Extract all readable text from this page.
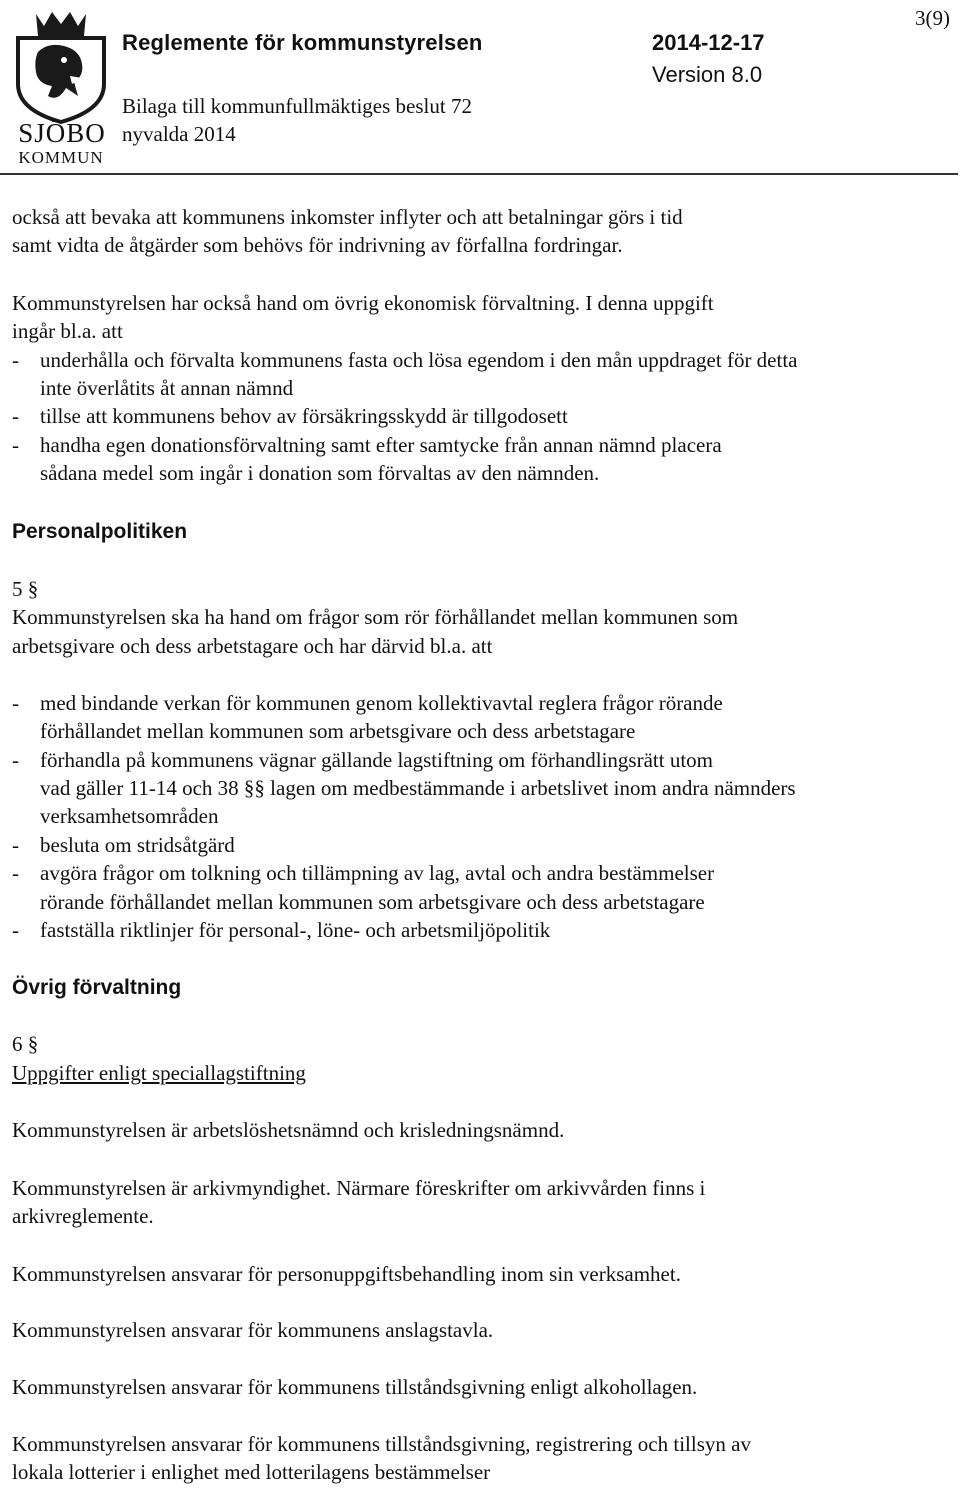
SJÖBO
KOMMUN
Reglemente för kommunstyrelsen	2014-12-17
3(9)
Version 8.0
Bilaga till kommunfullmäktiges beslut 72
nyvalda 2014
också att bevaka att kommunens inkomster inflyter och att betalningar görs i tid
samt vidta de åtgärder som behövs för indrivning av förfallna fordringar.
Kommunstyrelsen har också hand om övrig ekonomisk förvaltning. I denna uppgift
ingår bl.a. att
- underhålla och förvalta kommunens fasta och lösa egendom i den mån uppdraget för detta
inte överlåtits åt annan nämnd
- tillse att kommunens behov av försäkringsskydd är tillgodosett
- handha egen donationsförvaltning samt efter samtycke från annan nämnd placera
sådana medel som ingår i donation som förvaltas av den nämnden.
Personalpolitiken
5 §
Kommunstyrelsen ska ha hand om frågor som rör förhållandet mellan kommunen som
arbetsgivare och dess arbetstagare och har därvid bl.a. att
- med bindande verkan för kommunen genom kollektivavtal reglera frågor rörande
förhållandet mellan kommunen som arbetsgivare och dess arbetstagare
- förhandla på kommunens vägnar gällande lagstiftning om förhandlingsrätt utom
vad gäller 11-14 och 38 §§ lagen om medbestämmande i arbetslivet inom andra nämnders
verksamhetsområden
- besluta om stridsåtgärd
- avgöra frågor om tolkning och tillämpning av lag, avtal och andra bestämmelser
rörande förhållandet mellan kommunen som arbetsgivare och dess arbetstagare
- fastställa riktlinjer för personal-, löne- och arbetsmiljöpolitik
Övrig förvaltning
6 §
Uppgifter enligt speciallagstiftning
Kommunstyrelsen är arbetslöshetsnämnd och krisledningsnämnd.
Kommunstyrelsen är arkivmyndighet. Närmare föreskrifter om arkivvården finns i
arkivreglemente.
Kommunstyrelsen ansvarar för personuppgiftsbehandling inom sin verksamhet.
Kommunstyrelsen ansvarar för kommunens anslagstavla.
Kommunstyrelsen ansvarar för kommunens tillståndsgivning enligt alkohollagen.
Kommunstyrelsen ansvarar för kommunens tillståndsgivning, registrering och tillsyn av
lokala lotterier i enlighet med lotterilagens bestämmelser
